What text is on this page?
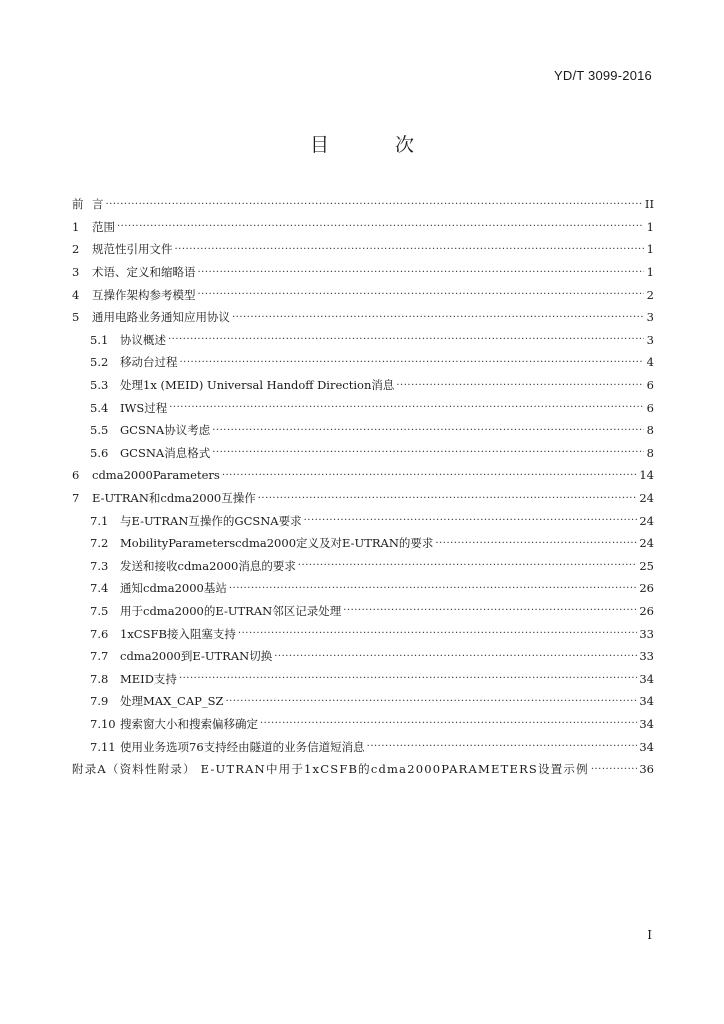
YD/T 3099-2016
目 次
前 言 ·····	II
1	范围 ·····	1
2	规范性引用文件 ·····	1
3	术语、定义和缩略语 ·····	1
4	互操作架构参考模型 ·····	2
5	通用电路业务通知应用协议 ·····	3
5.1	协议概述 ·····	3
5.2	移动台过程 ·····	4
5.3	处理1x (MEID) Universal Handoff Direction消息 ·····	6
5.4	IWS过程 ·····	6
5.5	GCSNA协议考虑 ·····	8
5.6	GCSNA消息格式 ·····	8
6	cdma2000Parameters ·····	14
7	E-UTRAN和cdma2000互操作 ·····	24
7.1	与E-UTRAN互操作的GCSNA要求 ·····	24
7.2	MobilityParameterscdma2000定义及对E-UTRAN的要求 ·····	24
7.3	发送和接收cdma2000消息的要求 ·····	25
7.4	通知cdma2000基站 ·····	26
7.5	用于cdma2000的E-UTRAN邻区记录处理 ·····	26
7.6	1xCSFB接入阻塞支持 ·····	33
7.7	cdma2000到E-UTRAN切换 ·····	33
7.8	MEID支持 ·····	34
7.9	处理MAX_CAP_SZ ·····	34
7.10 搜索窗大小和搜索偏移确定 ·····	34
7.11 使用业务选项76支持经由隧道的业务信道短消息 ·····	34
附录A（资料性附录） E-UTRAN中用于1xCSFB的cdma2000PARAMETERS设置示例 ·····	36
I
